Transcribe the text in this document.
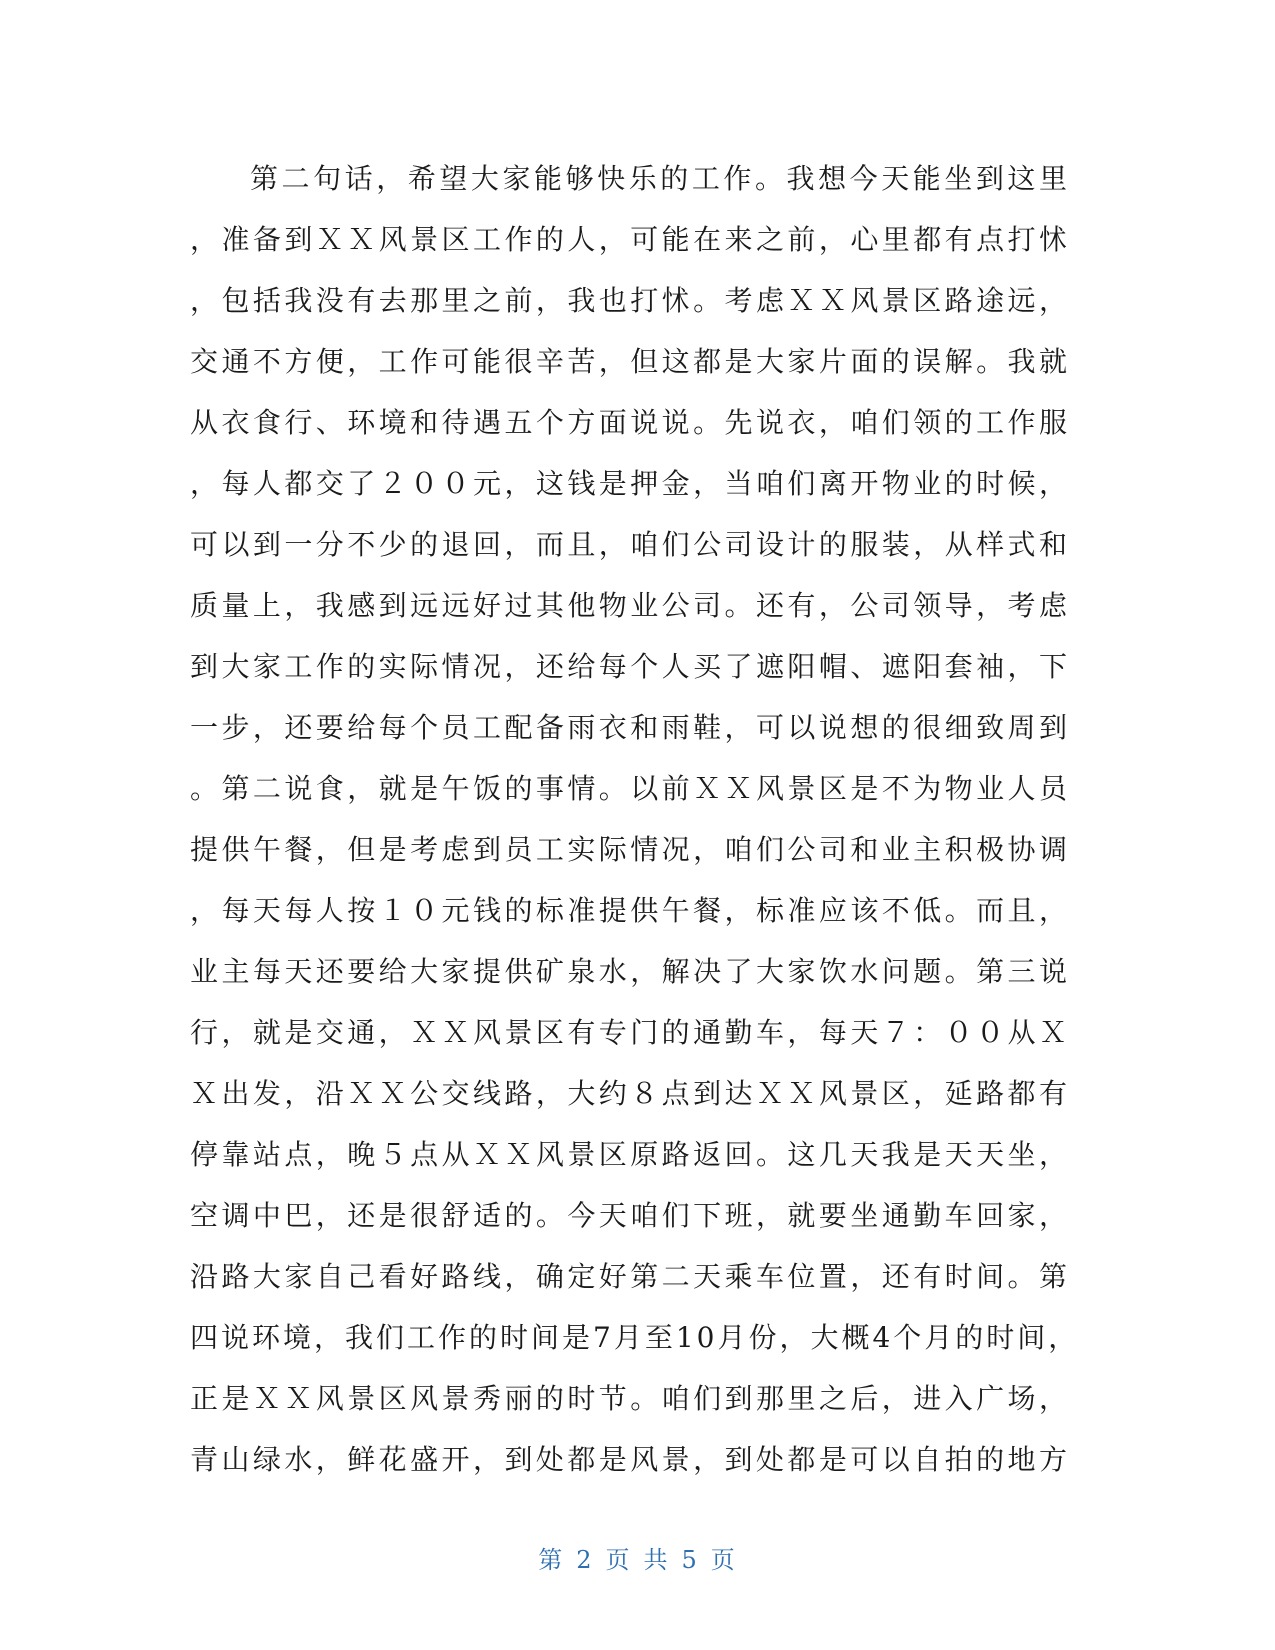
第二句话，希望大家能够快乐的工作。我想今天能坐到这里
，准备到ＸＸ风景区工作的人，可能在来之前，心里都有点打怵
，包括我没有去那里之前，我也打怵。考虑ＸＸ风景区路途远，
交通不方便，工作可能很辛苦，但这都是大家片面的误解。我就
从衣食行、环境和待遇五个方面说说。先说衣，咱们领的工作服
，每人都交了２００元，这钱是押金，当咱们离开物业的时候，
可以到一分不少的退回，而且，咱们公司设计的服装，从样式和
质量上，我感到远远好过其他物业公司。还有，公司领导，考虑
到大家工作的实际情况，还给每个人买了遮阳帽、遮阳套袖，下
一步，还要给每个员工配备雨衣和雨鞋，可以说想的很细致周到
。第二说食，就是午饭的事情。以前ＸＸ风景区是不为物业人员
提供午餐，但是考虑到员工实际情况，咱们公司和业主积极协调
，每天每人按１０元钱的标准提供午餐，标准应该不低。而且，
业主每天还要给大家提供矿泉水，解决了大家饮水问题。第三说
行，就是交通，ＸＸ风景区有专门的通勤车，每天７：００从Ｘ
Ｘ出发，沿ＸＸ公交线路，大约８点到达ＸＸ风景区，延路都有
停靠站点，晚５点从ＸＸ风景区原路返回。这几天我是天天坐，
空调中巴，还是很舒适的。今天咱们下班，就要坐通勤车回家，
沿路大家自己看好路线，确定好第二天乘车位置，还有时间。第
四说环境，我们工作的时间是7月至10月份，大概4个月的时间，
正是ＸＸ风景区风景秀丽的时节。咱们到那里之后，进入广场，
青山绿水，鲜花盛开，到处都是风景，到处都是可以自拍的地方
第 2 页 共 5 页
